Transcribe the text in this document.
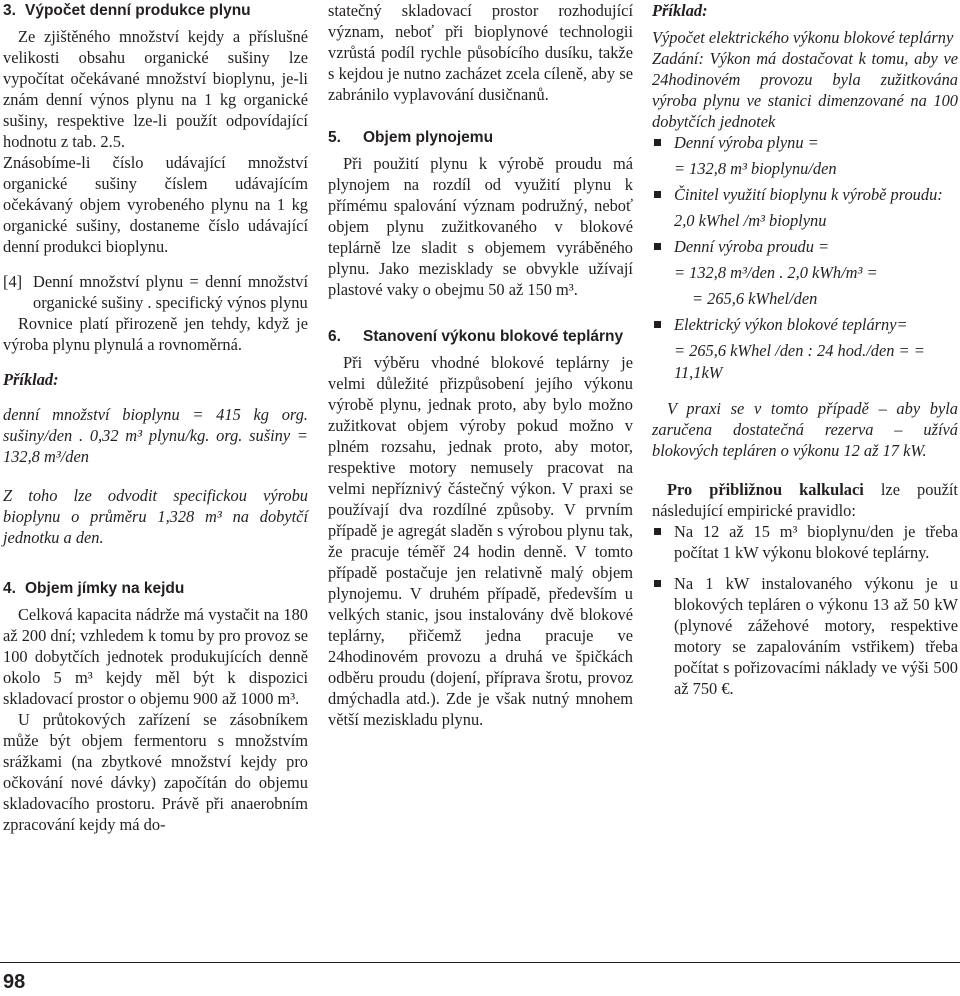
3. Výpočet denní produkce plynu

Ze zjištěného množství kejdy a příslušné velikosti obsahu organické sušiny lze vypočítat očekávané množství bioplynu, je-li znám denní výnos plynu na 1 kg organické sušiny, respektive lze-li použít odpovídající hodnotu z tab. 2.5.

Znásobíme-li číslo udávající množství organické sušiny číslem udávajícím očekávaný objem vyrobeného plynu na 1 kg organické sušiny, dostaneme číslo udávající denní produkci bioplynu.

[4] Denní množství plynu = denní množství organické sušiny . specifický výnos plynu

Rovnice platí přirozeně jen tehdy, když je výroba plynu plynulá a rovnoměrná.

Příklad:

denní množství bioplynu = 415 kg org. sušiny/den . 0,32 m³ plynu/kg. org. sušiny = 132,8 m³/den

Z toho lze odvodit specifickou výrobu bioplynu o průměru 1,328 m³ na dobytčí jednotku a den.

4. Objem jímky na kejdu

Celková kapacita nádrže má vystačit na 180 až 200 dní; vzhledem k tomu by pro provoz se 100 dobytčích jednotek produkujících denně okolo 5 m³ kejdy měl být k dispozici skladovací prostor o objemu 900 až 1000 m³.

U průtokových zařízení se zásobníkem může být objem fermentoru s množstvím srážkami (na zbytkové množství kejdy pro očkování nové dávky) započítán do objemu skladovacího prostoru. Právě při anaerobním zpracování kejdy má do-

statečný skladovací prostor rozhodující význam, neboť při bioplynové technologii vzrůstá podíl rychle působícího dusíku, takže s kejdou je nutno zacházet zcela cíleně, aby se zabránilo vyplavování dusičnanů.

5.	Objem plynojemu

Při použití plynu k výrobě proudu má plynojem na rozdíl od využití plynu k přímému spalování význam podružný, neboť objem plynu zužitkovaného v blokové teplárně lze sladit s objemem vyráběného plynu. Jako mezisklady se obvykle užívají plastové vaky o obejmu 50 až 150 m³.

6.	Stanovení výkonu blokové teplárny

Při výběru vhodné blokové teplárny je velmi důležité přizpůsobení jejího výkonu výrobě plynu, jednak proto, aby bylo možno zužitkovat objem výroby pokud možno v plném rozsahu, jednak proto, aby motor, respektive motory nemusely pracovat na velmi nepříznivý částečný výkon. V praxi se používají dva rozdílné způsoby. V prvním případě je agregát sladěn s výrobou plynu tak, že pracuje téměř 24 hodin denně. V tomto případě postačuje jen relativně malý objem plynojemu. V druhém případě, především u velkých stanic, jsou instalovány dvě blokové teplárny, přičemž jedna pracuje ve 24hodinovém provozu a druhá ve špičkách odběru proudu (dojení, příprava šrotu, provoz dmýchadla atd.). Zde je však nutný mnohem větší meziskladu plynu.

Příklad:

Výpočet elektrického výkonu blokové teplárny

Zadání: Výkon má dostačovat k tomu, aby ve 24hodinovém provozu byla zužitkována výroba plynu ve stanici dimenzované na 100 dobytčích jednotek

Denní výroba plynu =
= 132,8 m³ bioplynu/den
Činitel využití bioplynu k výrobě proudu:
2,0 kWhel /m³ bioplynu
Denní výroba proudu =
= 132,8 m³/den . 2,0 kWh/m³ =
= 265,6 kWhel/den
Elektrický výkon blokové teplárny=
= 265,6 kWhel /den : 24 hod./den = = 11,1kW

V praxi se v tomto případě – aby byla zaručena dostatečná rezerva – užívá blokových tepláren o výkonu 12 až 17 kW.

Pro přibližnou kalkulaci lze použít následující empirické pravidlo:

Na 12 až 15 m³ bioplynu/den je třeba počítat 1 kW výkonu blokové teplárny.
Na 1 kW instalovaného výkonu je u blokových tepláren o výkonu 13 až 50 kW (plynové zážehové motory, respektive motory se zapalováním vstřikem) třeba počítat s pořizovacími náklady ve výši 500 až 750 €.
98
